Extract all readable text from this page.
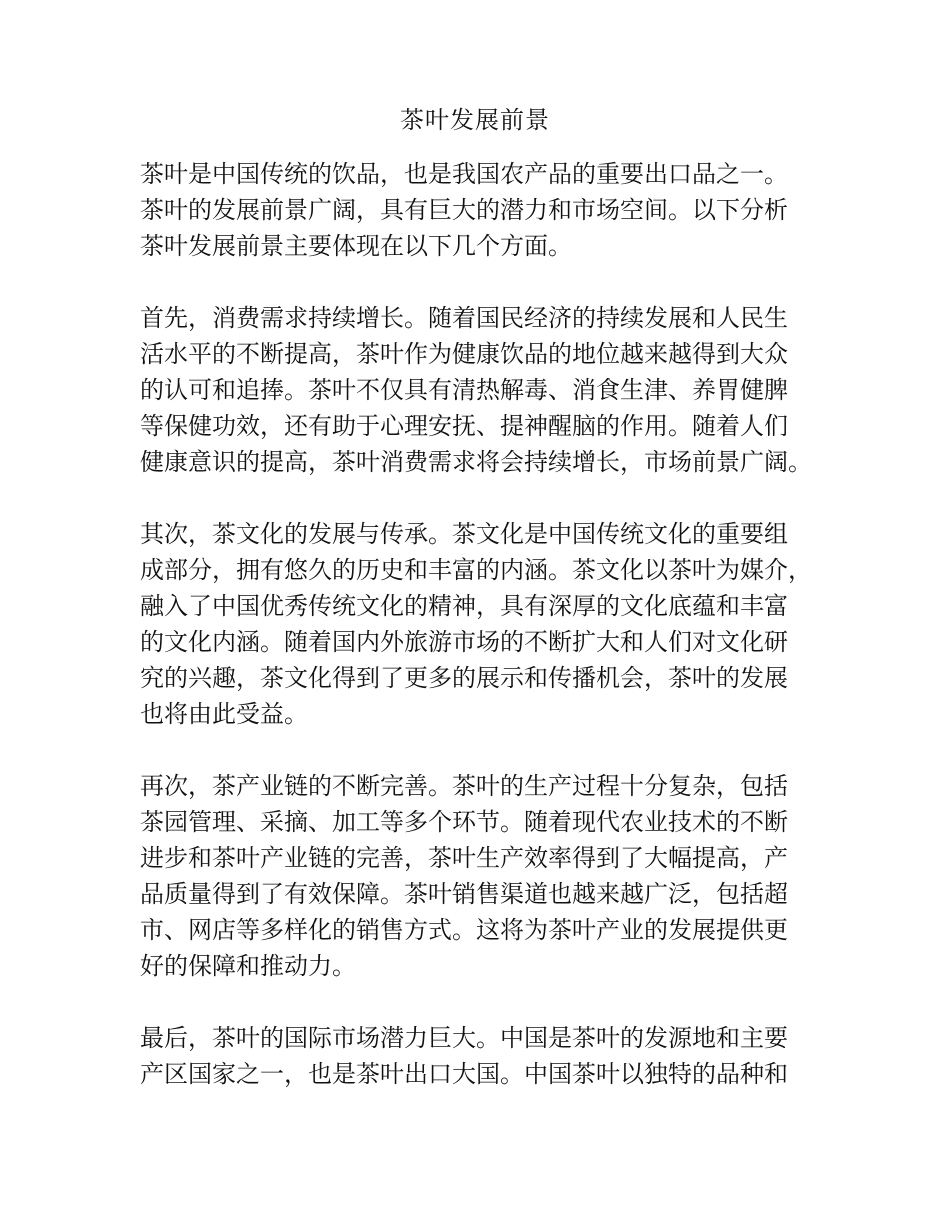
茶叶发展前景

茶叶是中国传统的饮品，也是我国农产品的重要出口品之一。
茶叶的发展前景广阔，具有巨大的潜力和市场空间。以下分析
茶叶发展前景主要体现在以下几个方面。

首先，消费需求持续增长。随着国民经济的持续发展和人民生
活水平的不断提高，茶叶作为健康饮品的地位越来越得到大众
的认可和追捧。茶叶不仅具有清热解毒、消食生津、养胃健脾
等保健功效，还有助于心理安抚、提神醒脑的作用。随着人们
健康意识的提高，茶叶消费需求将会持续增长，市场前景广阔。

其次，茶文化的发展与传承。茶文化是中国传统文化的重要组
成部分，拥有悠久的历史和丰富的内涵。茶文化以茶叶为媒介，
融入了中国优秀传统文化的精神，具有深厚的文化底蕴和丰富
的文化内涵。随着国内外旅游市场的不断扩大和人们对文化研
究的兴趣，茶文化得到了更多的展示和传播机会，茶叶的发展
也将由此受益。

再次，茶产业链的不断完善。茶叶的生产过程十分复杂，包括
茶园管理、采摘、加工等多个环节。随着现代农业技术的不断
进步和茶叶产业链的完善，茶叶生产效率得到了大幅提高，产
品质量得到了有效保障。茶叶销售渠道也越来越广泛，包括超
市、网店等多样化的销售方式。这将为茶叶产业的发展提供更
好的保障和推动力。

最后，茶叶的国际市场潜力巨大。中国是茶叶的发源地和主要
产区国家之一，也是茶叶出口大国。中国茶叶以独特的品种和
